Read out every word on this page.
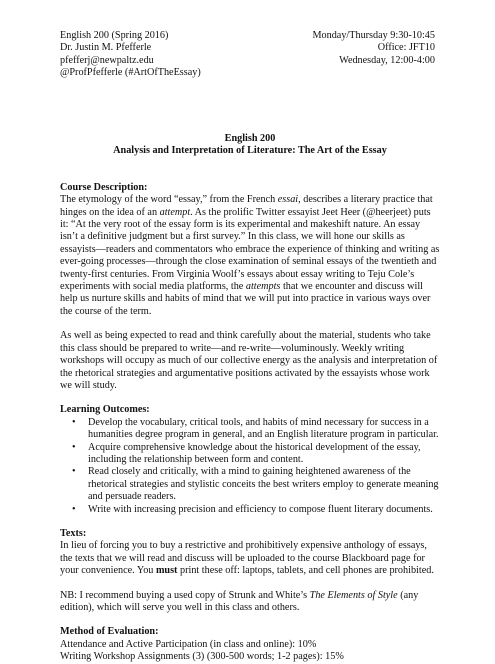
English 200 (Spring 2016)
Dr. Justin M. Pfefferle
pfefferj@newpaltz.edu
@ProfPfefferle (#ArtOfTheEssay)
Monday/Thursday 9:30-10:45
Office: JFT10
Wednesday, 12:00-4:00
English 200
Analysis and Interpretation of Literature: The Art of the Essay
Course Description:

The etymology of the word “essay,” from the French essai, describes a literary practice that hinges on the idea of an attempt. As the prolific Twitter essayist Jeet Heer (@heerjeet) puts it: “At the very root of the essay form is its experimental and makeshift nature. An essay isn’t a definitive judgment but a first survey.” In this class, we will hone our skills as essayists—readers and commentators who embrace the experience of thinking and writing as ever-going processes—through the close examination of seminal essays of the twentieth and twenty-first centuries. From Virginia Woolf’s essays about essay writing to Teju Cole’s experiments with social media platforms, the attempts that we encounter and discuss will help us nurture skills and habits of mind that we will put into practice in various ways over the course of the term.

As well as being expected to read and think carefully about the material, students who take this class should be prepared to write—and re-write—voluminously. Weekly writing workshops will occupy as much of our collective energy as the analysis and interpretation of the rhetorical strategies and argumentative positions activated by the essayists whose work we will study.

Learning Outcomes:
• Develop the vocabulary, critical tools, and habits of mind necessary for success in a humanities degree program in general, and an English literature program in particular.
• Acquire comprehensive knowledge about the historical development of the essay, including the relationship between form and content.
• Read closely and critically, with a mind to gaining heightened awareness of the rhetorical strategies and stylistic conceits the best writers employ to generate meaning and persuade readers.
• Write with increasing precision and efficiency to compose fluent literary documents.
Texts:

In lieu of forcing you to buy a restrictive and prohibitively expensive anthology of essays, the texts that we will read and discuss will be uploaded to the course Blackboard page for your convenience. You must print these off: laptops, tablets, and cell phones are prohibited.

NB: I recommend buying a used copy of Strunk and White’s The Elements of Style (any edition), which will serve you well in this class and others.

Method of Evaluation:
Attendance and Active Participation (in class and online): 10%
Writing Workshop Assignments (3) (300-500 words; 1-2 pages): 15%
